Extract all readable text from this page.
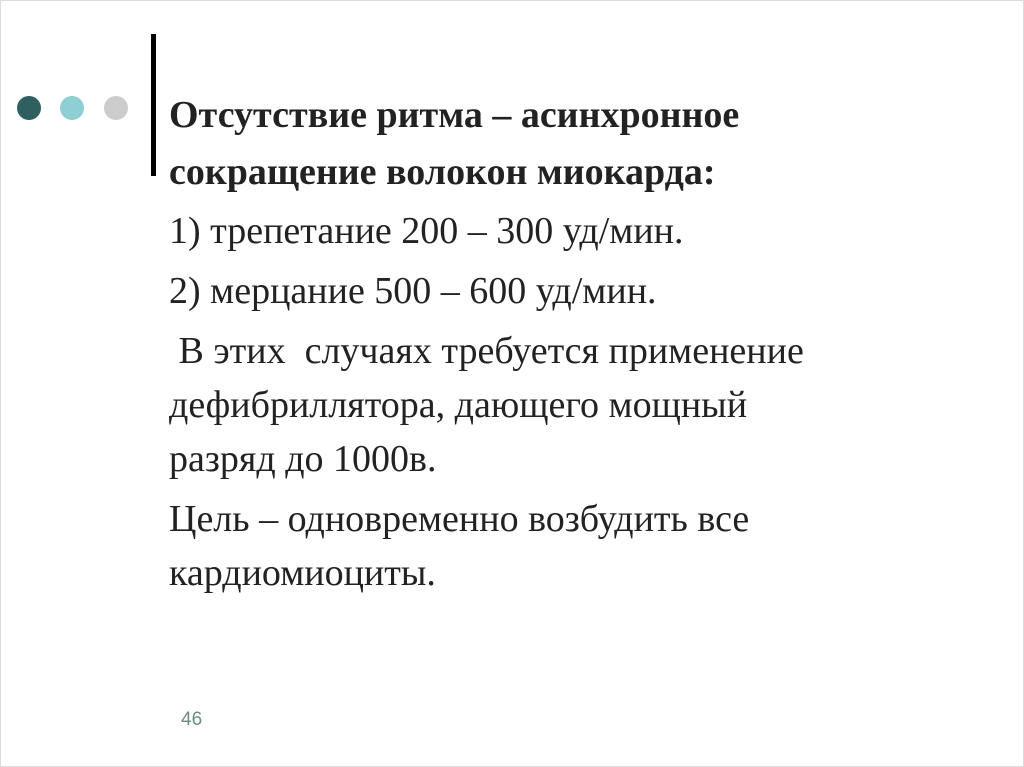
Отсутствие ритма – асинхронное
сокращение волокон миокарда:

1) трепетание 200 – 300 уд/мин.

2) мерцание 500 – 600 уд/мин.

В этих  случаях требуется применение
дефибриллятора, дающего мощный
разряд до 1000в.

Цель – одновременно возбудить все
кардиомиоциты.

46
